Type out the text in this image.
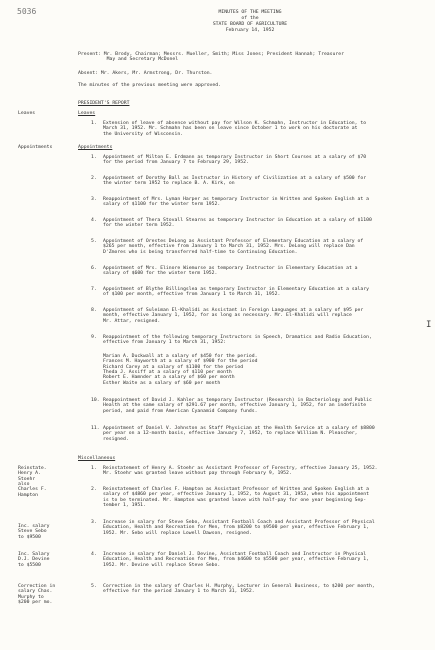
5036	MINUTES OF THE MEETING
of the
STATE BOARD OF AGRICULTURE
February 14, 1952
Present: Mr. Brody, Chairman; Messrs. Mueller, Smith; Miss Jones; President Hannah; Treasurer
May and Secretary McDonel
Absent: Mr. Akers, Mr. Armstrong, Dr. Thurston.
The minutes of the previous meeting were approved.
PRESIDENT'S REPORT
Leaves	Leaves
1. Extension of leave of absence without pay for Wilson K. Schmahn, Instructor in Education, to
March 31, 1952. Mr. Schmahn has been on leave since October 1 to work on his doctorate at
the University of Wisconsin.
Appointments	Appointments
1. Appointment of Milton E. Erdmann as temporary Instructor in Short Courses at a salary of $70
for the period from January 7 to February 29, 1952.
2. Appointment of Dorothy Ball as Instructor in History of Civilization at a salary of $500 for
the winter term 1952 to replace B. A. Kirk, on
3. Reappointment of Mrs. Lyman Harper as temporary Instructor in Written and Spoken English at a
salary of $1100 for the winter term 1952.
4. Appointment of Thera Stovall Stearns as temporary Instructor in Education at a salary of $1100
for the winter term 1952.
5. Appointment of Orestes DeLong as Assistant Professor of Elementary Education at a salary of
$265 per month, effective from January 1 to March 31, 1952. Mrs. DeLong will replace Dan
D'Zmores who is being transferred half-time to Continuing Education.
6. Appointment of Mrs. Elinore Wiemurse as temporary Instructor in Elementary Education at a
salary of $600 for the winter term 1952.
7. Appointment of Blythe Billingslea as temporary Instructor in Elementary Education at a salary
of $100 per month, effective from January 1 to March 31, 1952.
8. Appointment of Suleiman El-Khalidi as Assistant in Foreign Languages at a salary of $95 per
month, effective January 1, 1952, for as long as necessary. Mr. El-Khalidi will replace
Mr. Attar, resigned.
9. Reappointment of the following temporary Instructors in Speech, Dramatics and Radio Education,
effective from January 1 to March 31, 1952:
Marian A. Duckwall at a salary of $450 for the period.
Frances M. Hayworth at a salary of $900 for the period
Richard Carey at a salary of $1100 for the period
Theda J. Assiff at a salary of $110 per month
Robert E. Hamnder at a salary of $60 per month
Esther Waite as a salary of $60 per month
10. Reappointment of David J. Kahler as temporary Instructor (Research) in Bacteriology and Public
Health at the same salary of $291.67 per month, effective January 1, 1952, for an indefinite
period, and paid from American Cyanamid Company funds.
11. Appointment of Daniel V. Johnston as Staff Physician at the Health Service at a salary of $8800
per year on a 12-month basis, effective January 7, 1952, to replace William N. Pleascher,
resigned.
Miscellaneous
Reinstate.
Henry A.
Stoehr
also
Charles F.
Hampton
Inc. salary
Steve Sebo
to $9500
Inc. Salary
D.J. Devine
to $5500
Correction in
salary Chas.
Murphy to
$200 per mo.
1. Reinstatement of Henry A. Stoehr as Assistant Professor of Forestry, effective January 25, 1952.
Mr. Stoehr was granted leave without pay through February 9, 1952.
2. Reinstatement of Charles F. Hampton as Assistant Professor of Written and Spoken English at a
salary of $4860 per year, effective January 1, 1952, to August 31, 1953, when his appointment
is to be terminated. Mr. Hampton was granted leave with half-pay for one year beginning Sep-
tember 1, 1951.
3. Increase in salary for Steve Sebo, Assistant Football Coach and Assistant Professor of Physical
Education, Health and Recreation for Men, from $8200 to $9500 per year, effective February 1,
1952. Mr. Sebo will replace Lowell Dawson, resigned.
4. Increase in salary for Daniel J. Devine, Assistant Football Coach and Instructor in Physical
Education, Health and Recreation for Men, from $4600 to $5500 per year, effective February 1,
1952. Mr. Devine will replace Steve Sebo.
5. Correction in the salary of Charles H. Murphy, Lecturer in General Business, to $200 per month,
effective for the period January 1 to March 31, 1952.
I
